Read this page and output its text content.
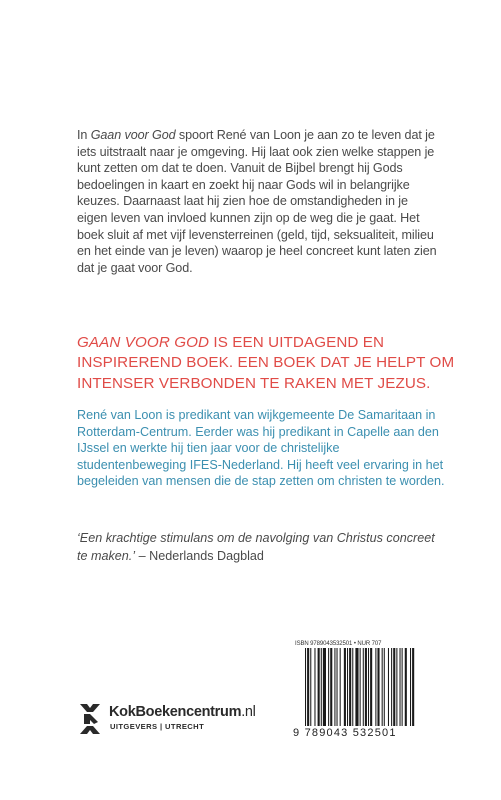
In Gaan voor God spoort René van Loon je aan zo te leven dat je iets uitstraalt naar je omgeving. Hij laat ook zien welke stappen je kunt zetten om dat te doen. Vanuit de Bijbel brengt hij Gods bedoelingen in kaart en zoekt hij naar Gods wil in belangrijke keuzes. Daarnaast laat hij zien hoe de omstandigheden in je eigen leven van invloed kunnen zijn op de weg die je gaat. Het boek sluit af met vijf levensterreinen (geld, tijd, seksualiteit, milieu en het einde van je leven) waarop je heel concreet kunt laten zien dat je gaat voor God.

GAAN VOOR GOD IS EEN UITDAGEND EN INSPIREREND BOEK. EEN BOEK DAT JE HELPT OM INTENSER VERBONDEN TE RAKEN MET JEZUS.
René van Loon is predikant van wijkgemeente De Samaritaan in Rotterdam-Centrum. Eerder was hij predikant in Capelle aan den IJssel en werkte hij tien jaar voor de christelijke studentenbeweging IFES-Nederland. Hij heeft veel ervaring in het begeleiden van mensen die de stap zetten om christen te worden.
‘Een krachtige stimulans om de navolging van Christus concreet te maken.’ – Nederlands Dagblad
ISBN 9789043532501 • NUR 707
9 789043 532501
KokBoekencentrum.nl
UITGEVERS | UTRECHT
